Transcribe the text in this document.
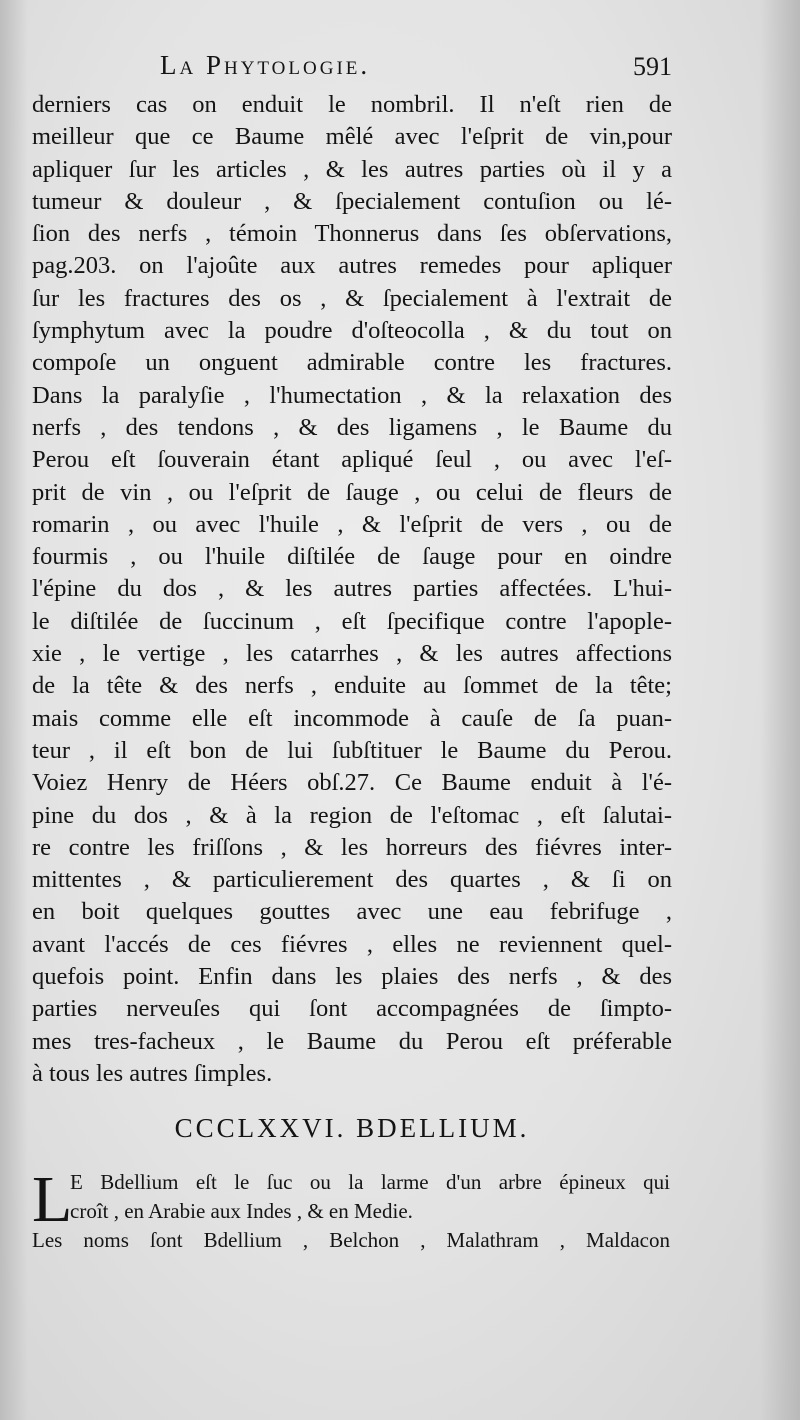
La Phytologie.	591
derniers cas on enduit le nombril. Il n'eſt rien de
meilleur que ce Baume mêlé avec l'eſprit de vin,pour
apliquer ſur les articles , & les autres parties où il y a
tumeur & douleur , & ſpecialement contuſion ou lé-
ſion des nerfs , témoin Thonnerus dans ſes obſervations,
pag.203. on l'ajoûte aux autres remedes pour apliquer
ſur les fractures des os , & ſpecialement à l'extrait de
ſymphytum avec la poudre d'oſteocolla , & du tout on
compoſe un onguent admirable contre les fractures.
Dans la paralyſie , l'humectation , & la relaxation des
nerfs , des tendons , & des ligamens , le Baume du
Perou eſt ſouverain étant apliqué ſeul , ou avec l'eſ-
prit de vin , ou l'eſprit de ſauge , ou celui de fleurs de
romarin , ou avec l'huile , & l'eſprit de vers , ou de
fourmis , ou l'huile diſtilée de ſauge pour en oindre
l'épine du dos , & les autres parties affectées. L'hui-
le diſtilée de ſuccinum , eſt ſpecifique contre l'apople-
xie , le vertige , les catarrhes , & les autres affections
de la tête & des nerfs , enduite au ſommet de la tête;
mais comme elle eſt incommode à cauſe de ſa puan-
teur , il eſt bon de lui ſubſtituer le Baume du Perou.
Voiez Henry de Héers obſ.27. Ce Baume enduit à l'é-
pine du dos , & à la region de l'eſtomac , eſt ſalutai-
re contre les friſſons , & les horreurs des fiévres inter-
mittentes , & particulierement des quartes , & ſi on
en boit quelques gouttes avec une eau febrifuge ,
avant l'accés de ces fiévres , elles ne reviennent quel-
quefois point. Enfin dans les plaies des nerfs , & des
parties nerveuſes qui ſont accompagnées de ſimpto-
mes tres-facheux , le Baume du Perou eſt préferable
à tous les autres ſimples.
CCCLXXVI. BDELLIUM.
L
E Bdellium eſt le ſuc ou la larme d'un arbre épineux qui
croît , en Arabie aux Indes , & en Medie.
Les noms ſont Bdellium , Belchon , Malathram , Maldacon
